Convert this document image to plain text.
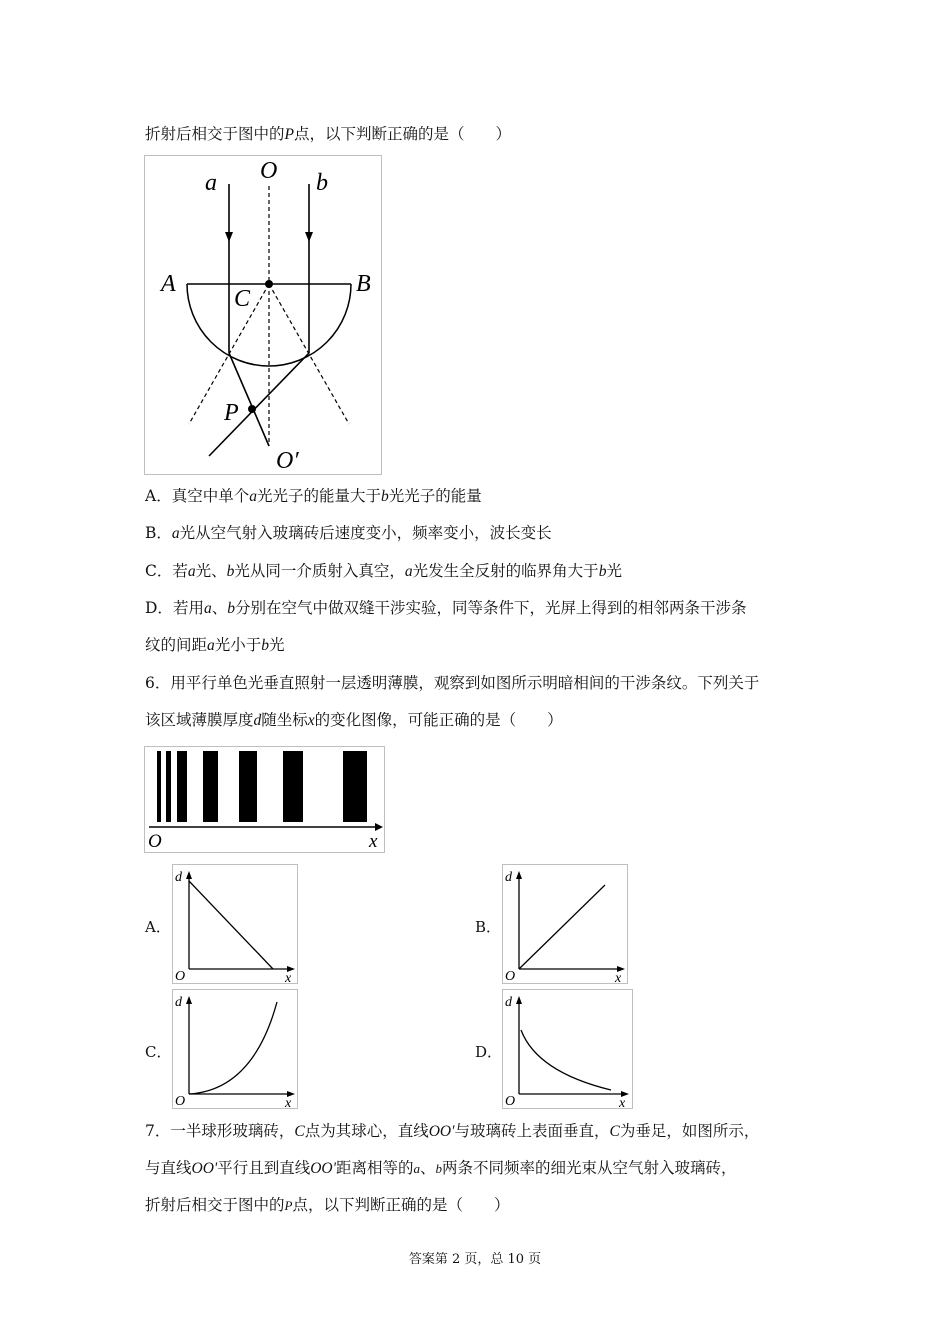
折射后相交于图中的P点，以下判断正确的是（　　）
a O b
A	B
C
P
O′
A．真空中单个a光光子的能量大于b光光子的能量
B．a光从空气射入玻璃砖后速度变小，频率变小，波长变长
C．若a光、b光从同一介质射入真空，a光发生全反射的临界角大于b光
D．若用a、b分别在空气中做双缝干涉实验，同等条件下，光屏上得到的相邻两条干涉条
纹的间距a光小于b光
6．用平行单色光垂直照射一层透明薄膜，观察到如图所示明暗相间的干涉条纹。下列关于
该区域薄膜厚度d随坐标x的变化图像，可能正确的是（　　）
O	x
A．
d
O	x
B．
d
O	x
C．
d
O	x
D．
d
O	x
7．一半球形玻璃砖，C点为其球心，直线OO′与玻璃砖上表面垂直，C为垂足，如图所示，
与直线OO'平行且到直线OO'距离相等的a、b两条不同频率的细光束从空气射入玻璃砖，
折射后相交于图中的P点，以下判断正确的是（　　）
答案第 2 页，总 10 页
